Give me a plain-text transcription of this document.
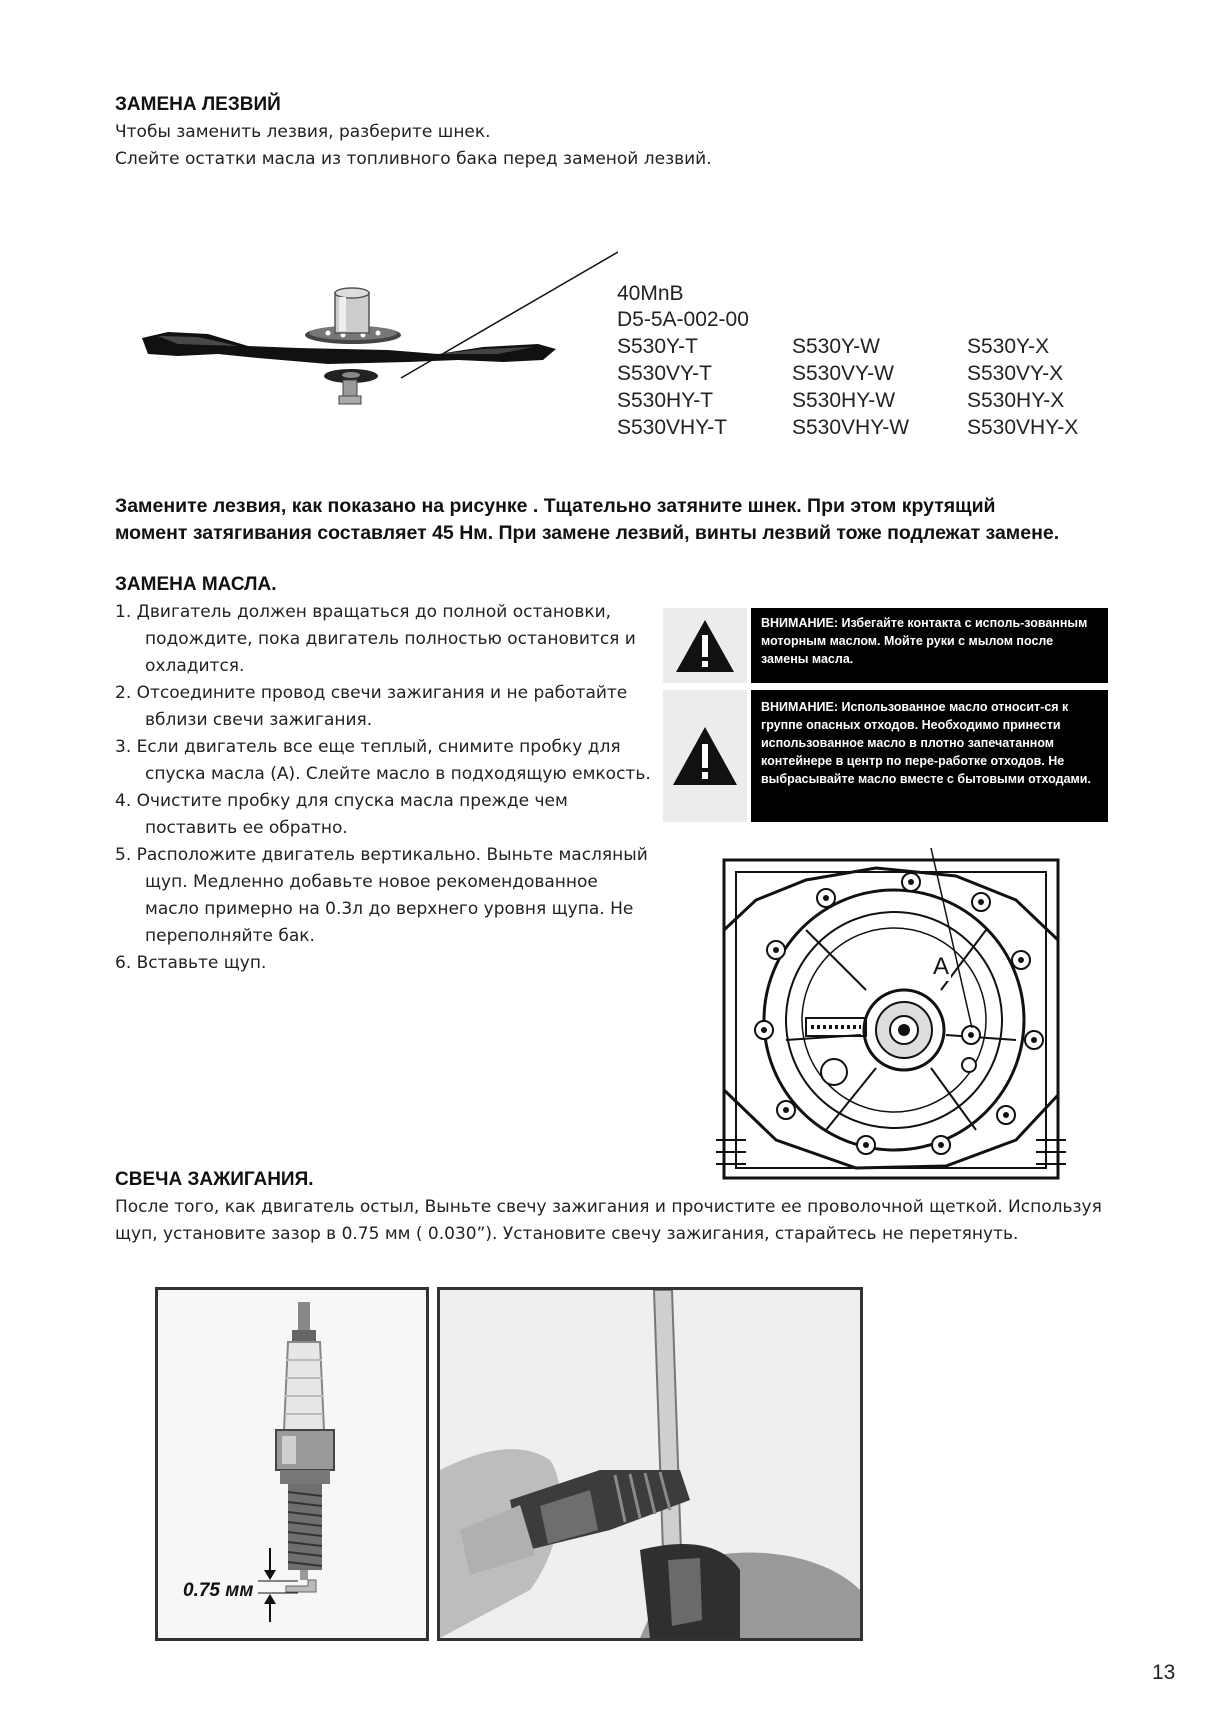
ЗАМЕНА ЛЕЗВИЙ
Чтобы заменить лезвия, разберите шнек.
Слейте остатки масла из топливного бака перед заменой лезвий.
40MnB
D5-5A-002-00
S530Y-T
S530VY-T
S530HY-T
S530VHY-T
S530Y-W
S530VY-W
S530HY-W
S530VHY-W
S530Y-X
S530VY-X
S530HY-X
S530VHY-X
Замените лезвия, как показано на рисунке . Тщательно затяните шнек. При этом крутящий
момент затягивания составляет 45 Нм. При замене лезвий, винты лезвий тоже подлежат замене.
ЗАМЕНА МАСЛА.
1. Двигатель должен вращаться до полной остановки, подождите, пока двигатель полностью остановится и охладится.
2. Отсоедините провод свечи зажигания и не работайте вблизи свечи зажигания.
3. Если двигатель все еще теплый, снимите пробку для спуска масла (А). Слейте масло в подходящую емкость.
4. Очистите пробку для спуска масла прежде чем поставить ее обратно.
5. Расположите двигатель вертикально. Выньте масляный щуп. Медленно добавьте новое рекомендованное масло примерно на 0.3л до верхнего уровня щупа. Не переполняйте бак.
6. Вставьте щуп.
ВНИМАНИЕ: Избегайте контакта с исполь-зованным моторным маслом. Мойте руки с мылом после замены масла.
ВНИМАНИЕ: Использованное масло относит-ся к группе опасных отходов. Необходимо принести использованное масло в плотно запечатанном контейнере в центр по пере-работке отходов. Не выбрасывайте масло вместе с бытовыми отходами.
A
СВЕЧА ЗАЖИГАНИЯ.
После того, как двигатель остыл, Выньте свечу зажигания и прочистите ее проволочной щеткой. Используя щуп, установите зазор в 0.75 мм ( 0.030”). Установите свечу зажигания, старайтесь не перетянуть.
0.75 мм
13
